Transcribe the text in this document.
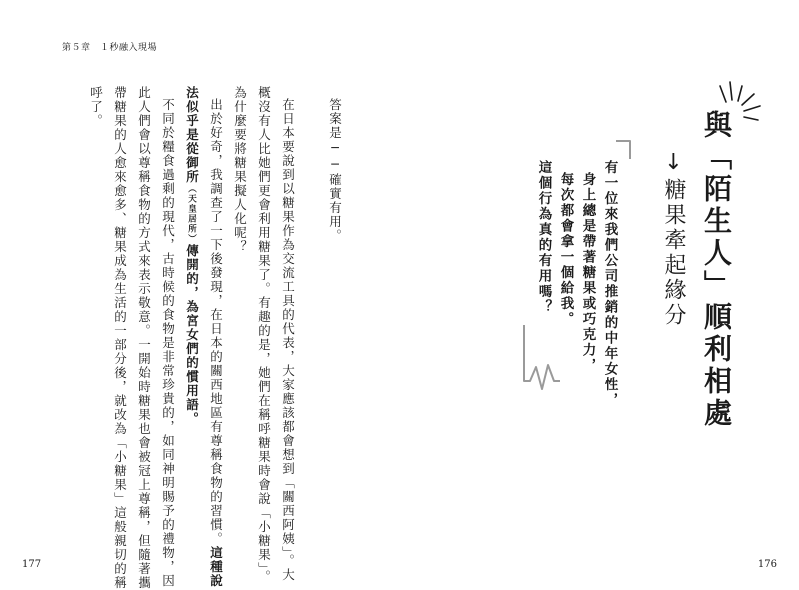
第５章　１秒融入現場
答案是──確實有用。
在日本要說到以糖果作為交流工具的代表，大家應該都會想到「關西阿姨」。大
概沒有人比她們更會利用糖果了。有趣的是，她們在稱呼糖果時會說「小糖果」。
為什麼要將糖果擬人化呢？
出於好奇，我調查了一下後發現，在日本的關西地區有尊稱食物的習慣。這種說
法似乎是從御所（天皇居所）傳開的，為宮女們的慣用語。
不同於糧食過剩的現代，古時候的食物是非常珍貴的，如同神明賜予的禮物，因
此人們會以尊稱食物的方式來表示敬意。一開始時糖果也會被冠上尊稱，但隨著攜
帶糖果的人愈來愈多、糖果成為生活的一部分後，就改為「小糖果」這般親切的稱
呼了。
177
與「陌生人」順利相處
↓糖果牽起緣分
有一位來我們公司推銷的中年女性，
身上總是帶著糖果或巧克力，
每次都會拿一個給我。
這個行為真的有用嗎？
176
